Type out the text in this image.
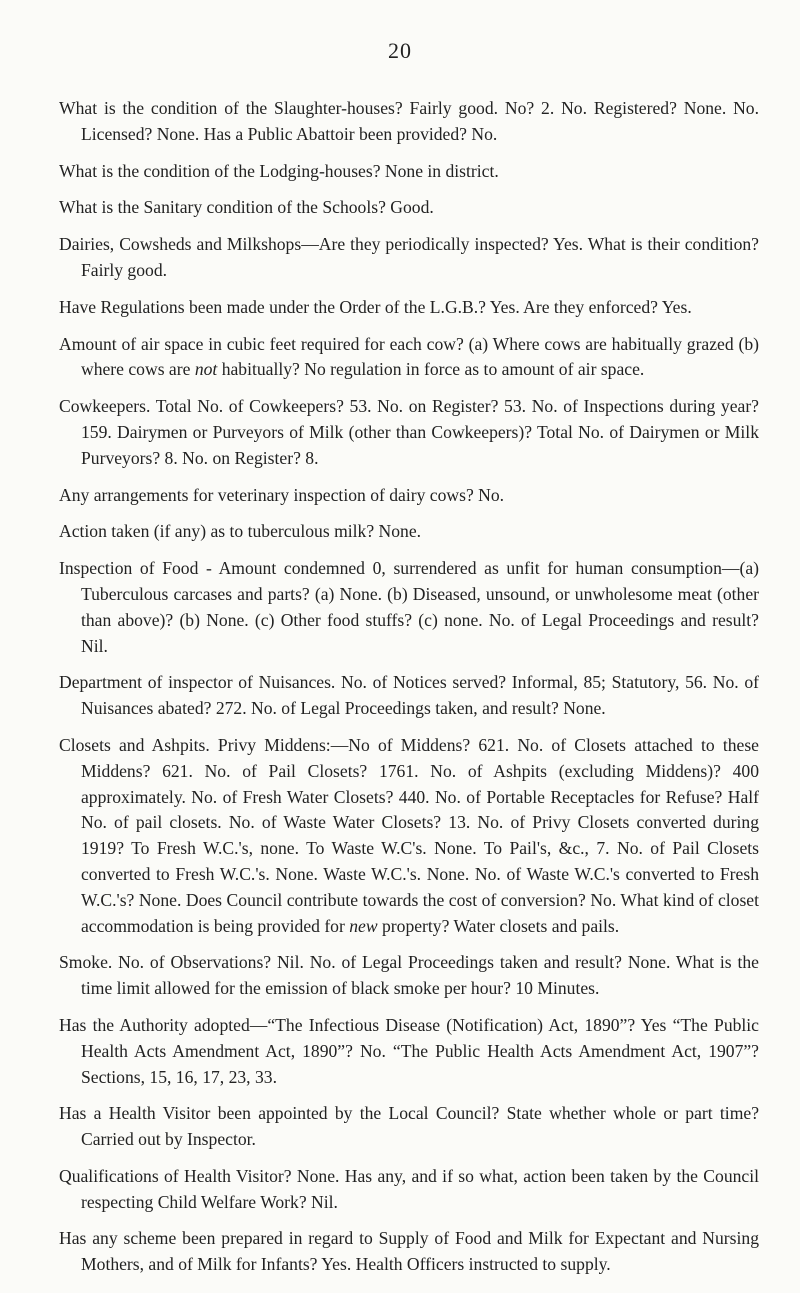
20

What is the condition of the Slaughter-houses? Fairly good. No? 2. No. Registered? None. No. Licensed? None. Has a Public Abattoir been provided? No.

What is the condition of the Lodging-houses? None in district.

What is the Sanitary condition of the Schools? Good.

Dairies, Cowsheds and Milkshops—Are they periodically inspected? Yes. What is their condition? Fairly good.

Have Regulations been made under the Order of the L.G.B.? Yes. Are they enforced? Yes.

Amount of air space in cubic feet required for each cow? (a) Where cows are habitually grazed (b) where cows are not habitually? No regulation in force as to amount of air space.

Cowkeepers. Total No. of Cowkeepers? 53. No. on Register? 53. No. of Inspections during year? 159. Dairymen or Purveyors of Milk (other than Cowkeepers)? Total No. of Dairymen or Milk Purveyors? 8. No. on Register? 8.

Any arrangements for veterinary inspection of dairy cows? No.

Action taken (if any) as to tuberculous milk? None.

Inspection of Food - Amount condemned 0, surrendered as unfit for human consumption—(a) Tuberculous carcases and parts? (a) None. (b) Diseased, unsound, or unwholesome meat (other than above)? (b) None. (c) Other food stuffs? (c) none. No. of Legal Proceedings and result? Nil.

Department of inspector of Nuisances. No. of Notices served? Informal, 85; Statutory, 56. No. of Nuisances abated? 272. No. of Legal Proceedings taken, and result? None.

Closets and Ashpits. Privy Middens:—No of Middens? 621. No. of Closets attached to these Middens? 621. No. of Pail Closets? 1761. No. of Ashpits (excluding Middens)? 400 approximately. No. of Fresh Water Closets? 440. No. of Portable Receptacles for Refuse? Half No. of pail closets. No. of Waste Water Closets? 13. No. of Privy Closets converted during 1919? To Fresh W.C.'s, none. To Waste W.C's. None. To Pail's, &c., 7. No. of Pail Closets converted to Fresh W.C.'s. None. Waste W.C.'s. None. No. of Waste W.C.'s converted to Fresh W.C.'s? None. Does Council contribute towards the cost of conversion? No. What kind of closet accommodation is being provided for new property? Water closets and pails.

Smoke. No. of Observations? Nil. No. of Legal Proceedings taken and result? None. What is the time limit allowed for the emission of black smoke per hour? 10 Minutes.

Has the Authority adopted—“The Infectious Disease (Notification) Act, 1890”? Yes “The Public Health Acts Amendment Act, 1890”? No. “The Public Health Acts Amendment Act, 1907”? Sections, 15, 16, 17, 23, 33.

Has a Health Visitor been appointed by the Local Council? State whether whole or part time? Carried out by Inspector.

Qualifications of Health Visitor? None. Has any, and if so what, action been taken by the Council respecting Child Welfare Work? Nil.

Has any scheme been prepared in regard to Supply of Food and Milk for Expectant and Nursing Mothers, and of Milk for Infants? Yes. Health Officers instructed to supply.
